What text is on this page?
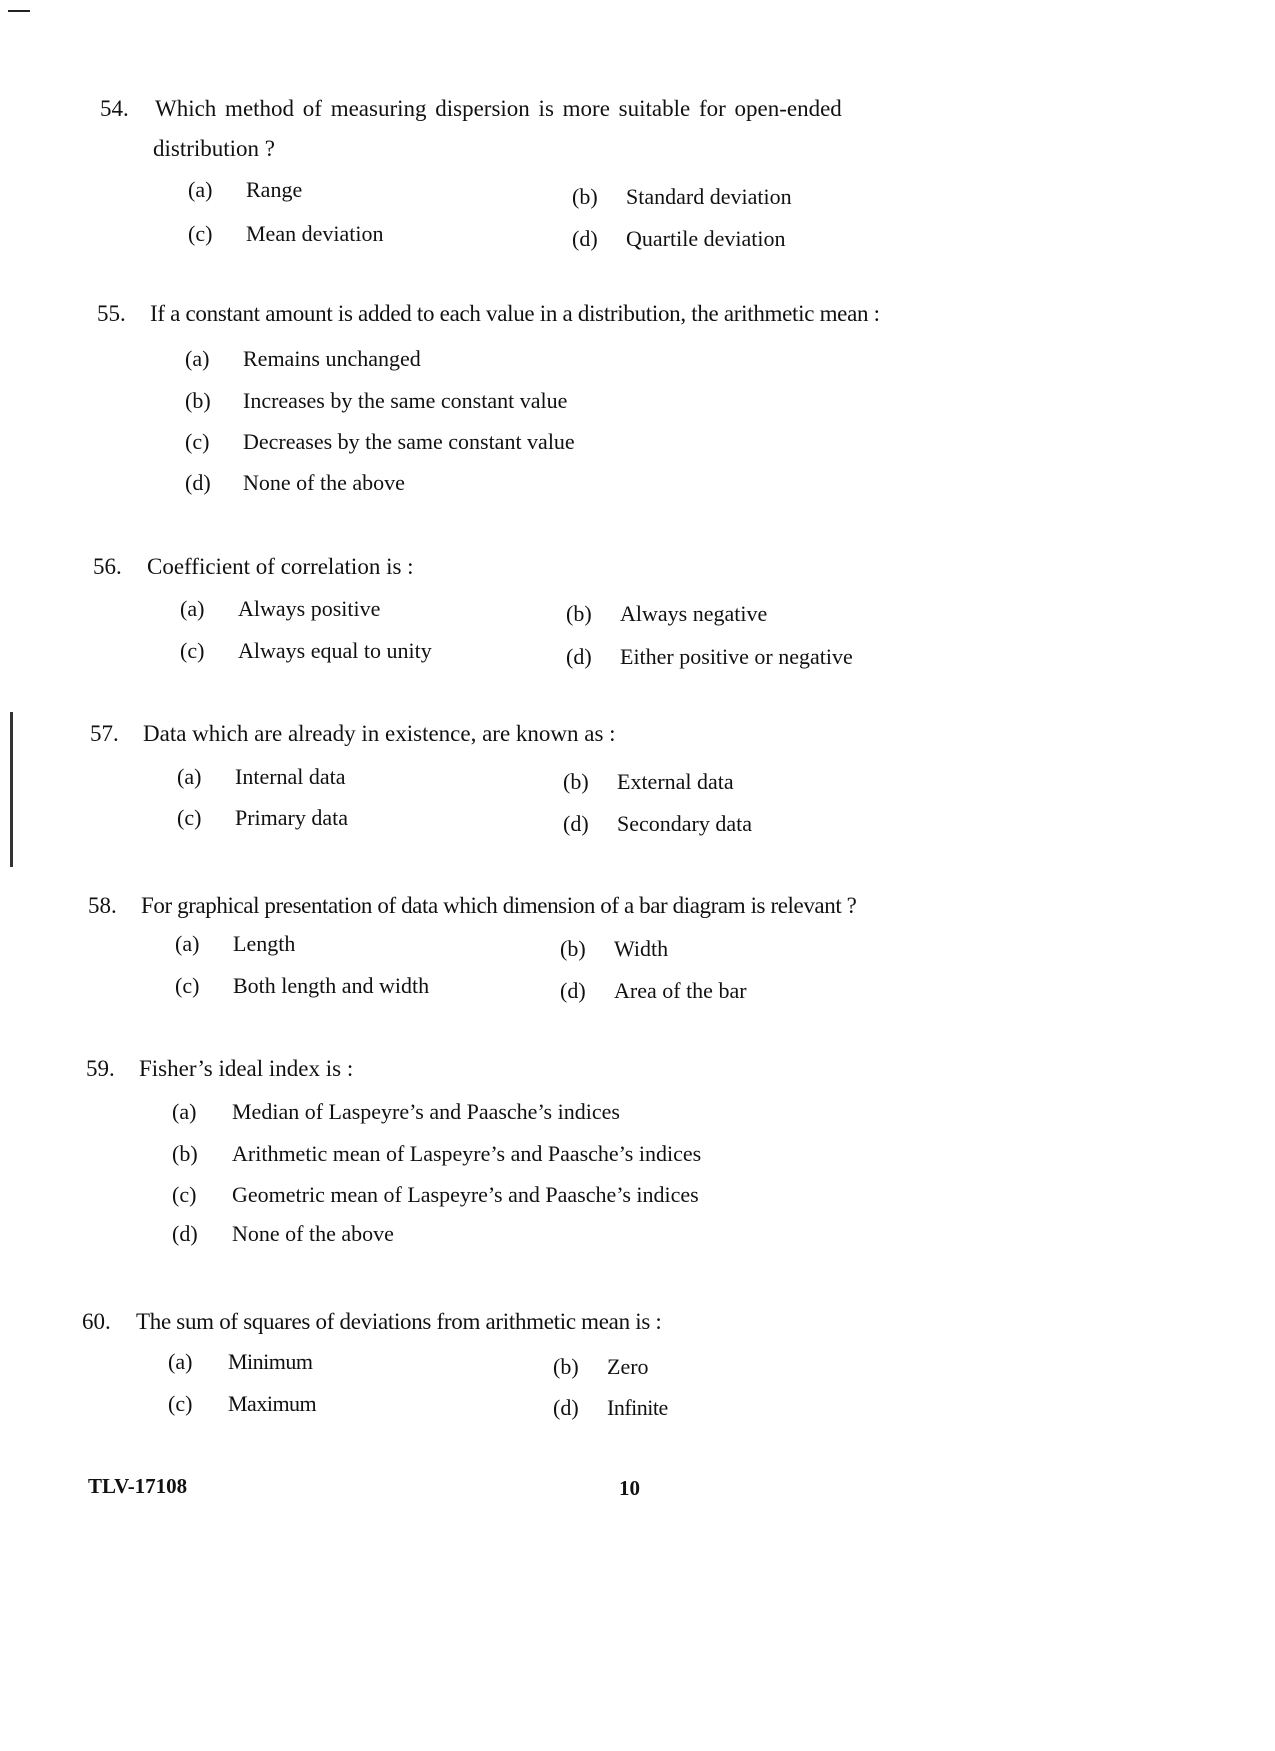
54. Which method of measuring dispersion is more suitable for open-ended
distribution ?
(a) Range	(b) Standard deviation
(c) Mean deviation	(d) Quartile deviation
55. If a constant amount is added to each value in a distribution, the arithmetic mean :
(a) Remains unchanged
(b) Increases by the same constant value
(c) Decreases by the same constant value
(d) None of the above
56. Coefficient of correlation is :
(a) Always positive	(b) Always negative
(c) Always equal to unity	(d) Either positive or negative
57. Data which are already in existence, are known as :
(a) Internal data	(b) External data
(c) Primary data	(d) Secondary data
58. For graphical presentation of data which dimension of a bar diagram is relevant ?
(a) Length	(b) Width
(c) Both length and width	(d) Area of the bar
59. Fisher’s ideal index is :
(a) Median of Laspeyre’s and Paasche’s indices
(b) Arithmetic mean of Laspeyre’s and Paasche’s indices
(c) Geometric mean of Laspeyre’s and Paasche’s indices
(d) None of the above
60. The sum of squares of deviations from arithmetic mean is :
(a) Minimum	(b) Zero
(c) Maximum	(d) Infinite
TLV-17108	10
